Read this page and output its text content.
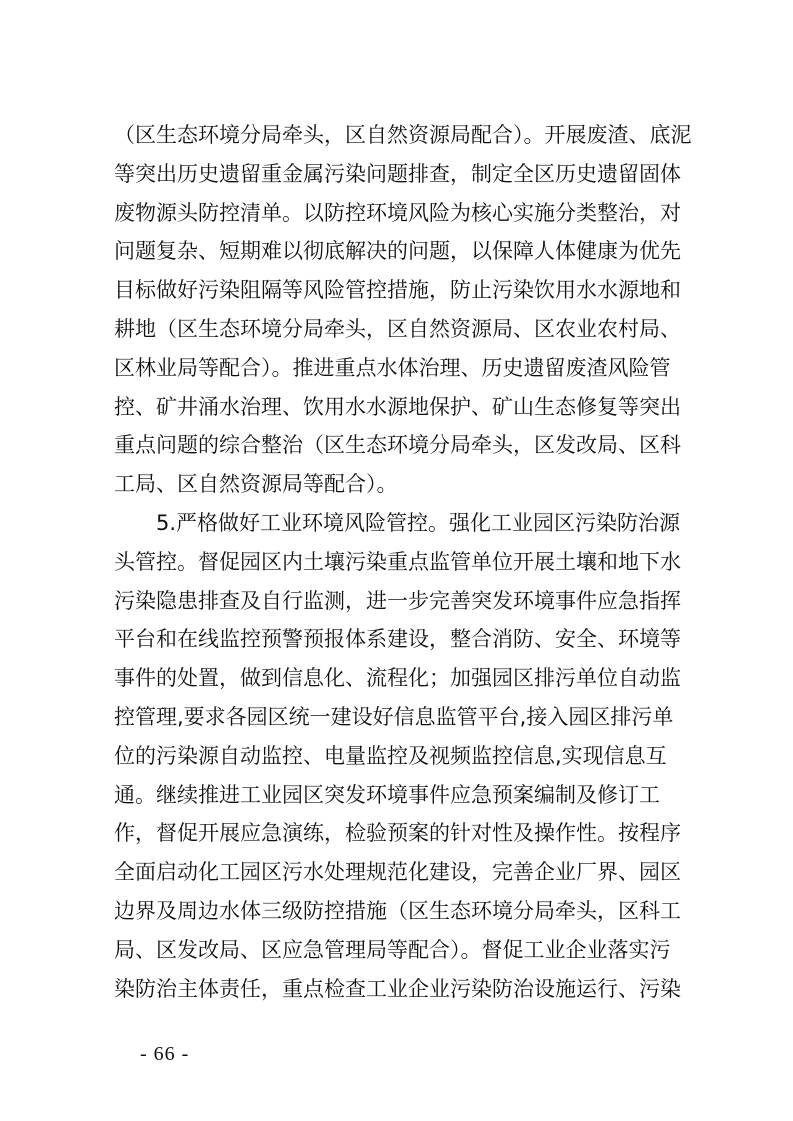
（区生态环境分局牵头，区自然资源局配合）。开展废渣、底泥
等突出历史遗留重金属污染问题排查，制定全区历史遗留固体
废物源头防控清单。以防控环境风险为核心实施分类整治，对
问题复杂、短期难以彻底解决的问题，以保障人体健康为优先
目标做好污染阻隔等风险管控措施，防止污染饮用水水源地和
耕地（区生态环境分局牵头，区自然资源局、区农业农村局、
区林业局等配合）。推进重点水体治理、历史遗留废渣风险管
控、矿井涌水治理、饮用水水源地保护、矿山生态修复等突出
重点问题的综合整治（区生态环境分局牵头，区发改局、区科
工局、区自然资源局等配合）。
　　5.严格做好工业环境风险管控。强化工业园区污染防治源
头管控。督促园区内土壤污染重点监管单位开展土壤和地下水
污染隐患排查及自行监测，进一步完善突发环境事件应急指挥
平台和在线监控预警预报体系建设，整合消防、安全、环境等
事件的处置，做到信息化、流程化；加强园区排污单位自动监
控管理,要求各园区统一建设好信息监管平台,接入园区排污单
位的污染源自动监控、电量监控及视频监控信息,实现信息互
通。继续推进工业园区突发环境事件应急预案编制及修订工
作，督促开展应急演练，检验预案的针对性及操作性。按程序
全面启动化工园区污水处理规范化建设，完善企业厂界、园区
边界及周边水体三级防控措施（区生态环境分局牵头，区科工
局、区发改局、区应急管理局等配合）。督促工业企业落实污
染防治主体责任，重点检查工业企业污染防治设施运行、污染
- 66 -
